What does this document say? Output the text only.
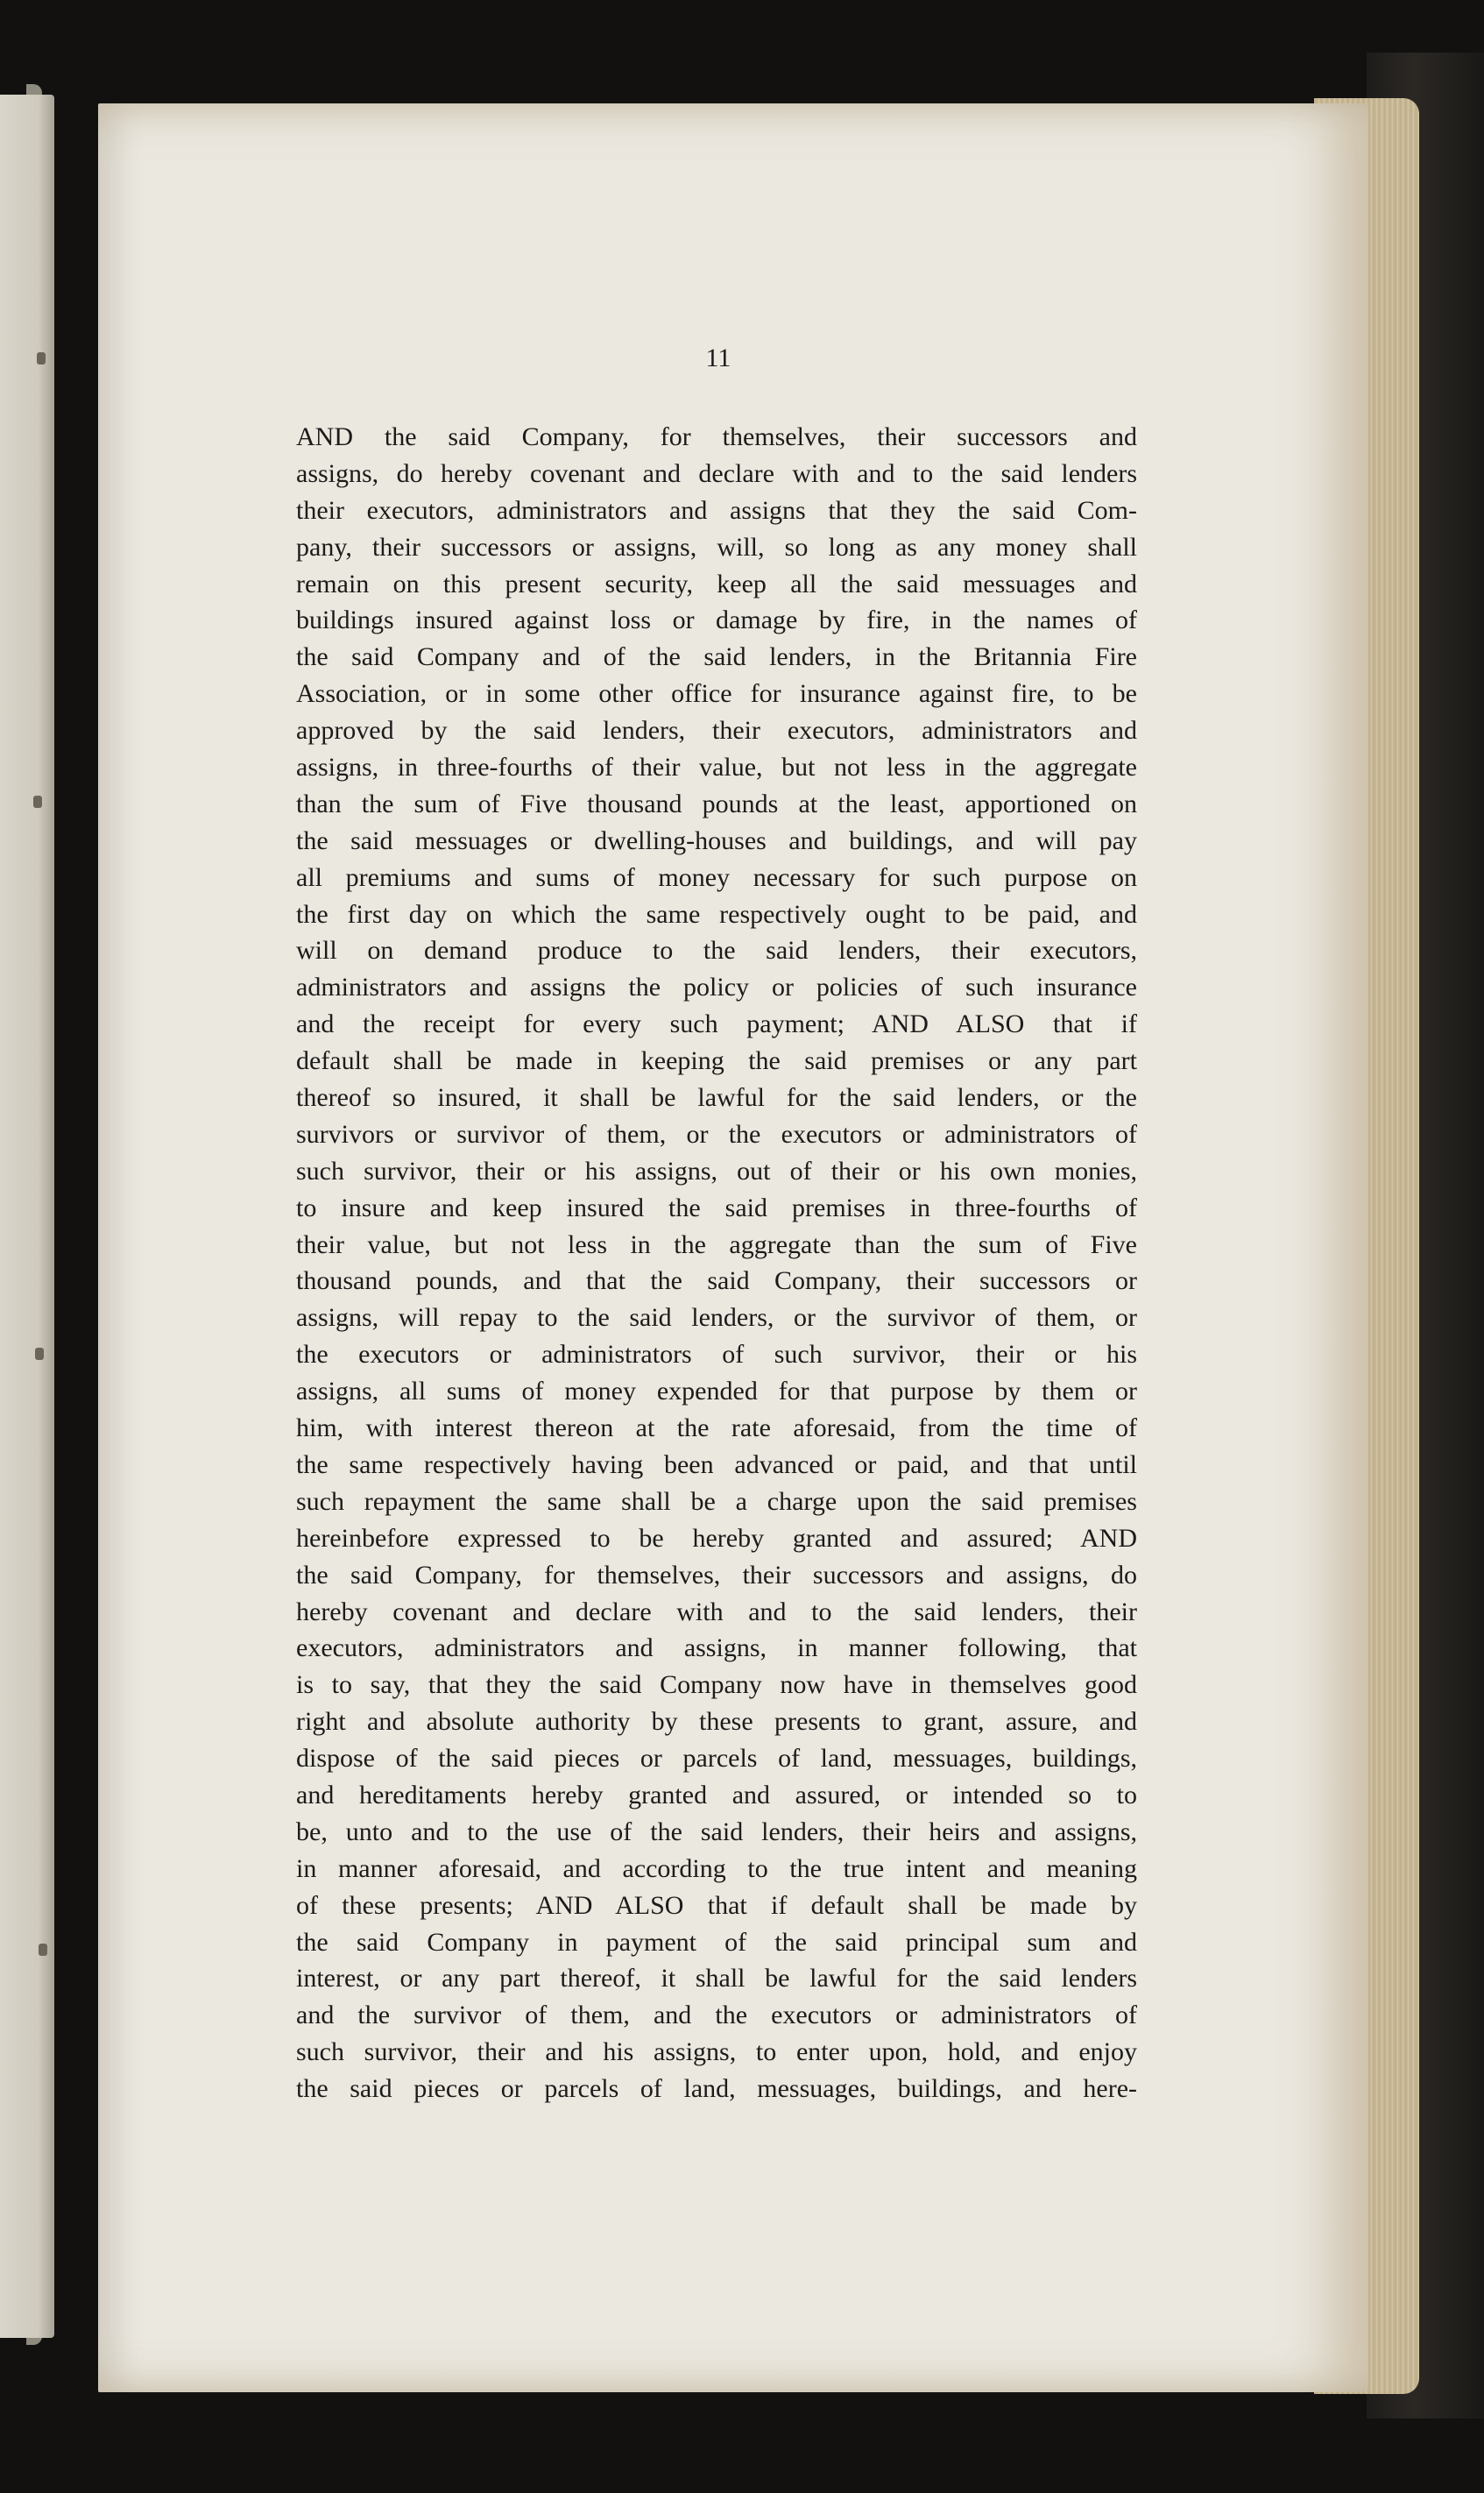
11
AND the said Company, for themselves, their successors and
assigns, do hereby covenant and declare with and to the said lenders
their executors, administrators and assigns that they the said Com-
pany, their successors or assigns, will, so long as any money shall
remain on this present security, keep all the said messuages and
buildings insured against loss or damage by fire, in the names of
the said Company and of the said lenders, in the Britannia Fire
Association, or in some other office for insurance against fire, to be
approved by the said lenders, their executors, administrators and
assigns, in three-fourths of their value, but not less in the aggregate
than the sum of Five thousand pounds at the least, apportioned on
the said messuages or dwelling-houses and buildings, and will pay
all premiums and sums of money necessary for such purpose on
the first day on which the same respectively ought to be paid, and
will on demand produce to the said lenders, their executors,
administrators and assigns the policy or policies of such insurance
and the receipt for every such payment; AND ALSO that if
default shall be made in keeping the said premises or any part
thereof so insured, it shall be lawful for the said lenders, or the
survivors or survivor of them, or the executors or administrators of
such survivor, their or his assigns, out of their or his own monies,
to insure and keep insured the said premises in three-fourths of
their value, but not less in the aggregate than the sum of Five
thousand pounds, and that the said Company, their successors or
assigns, will repay to the said lenders, or the survivor of them, or
the executors or administrators of such survivor, their or his
assigns, all sums of money expended for that purpose by them or
him, with interest thereon at the rate aforesaid, from the time of
the same respectively having been advanced or paid, and that until
such repayment the same shall be a charge upon the said premises
hereinbefore expressed to be hereby granted and assured; AND
the said Company, for themselves, their successors and assigns, do
hereby covenant and declare with and to the said lenders, their
executors, administrators and assigns, in manner following, that
is to say, that they the said Company now have in themselves good
right and absolute authority by these presents to grant, assure, and
dispose of the said pieces or parcels of land, messuages, buildings,
and hereditaments hereby granted and assured, or intended so to
be, unto and to the use of the said lenders, their heirs and assigns,
in manner aforesaid, and according to the true intent and meaning
of these presents; AND ALSO that if default shall be made by
the said Company in payment of the said principal sum and
interest, or any part thereof, it shall be lawful for the said lenders
and the survivor of them, and the executors or administrators of
such survivor, their and his assigns, to enter upon, hold, and enjoy
the said pieces or parcels of land, messuages, buildings, and here-
